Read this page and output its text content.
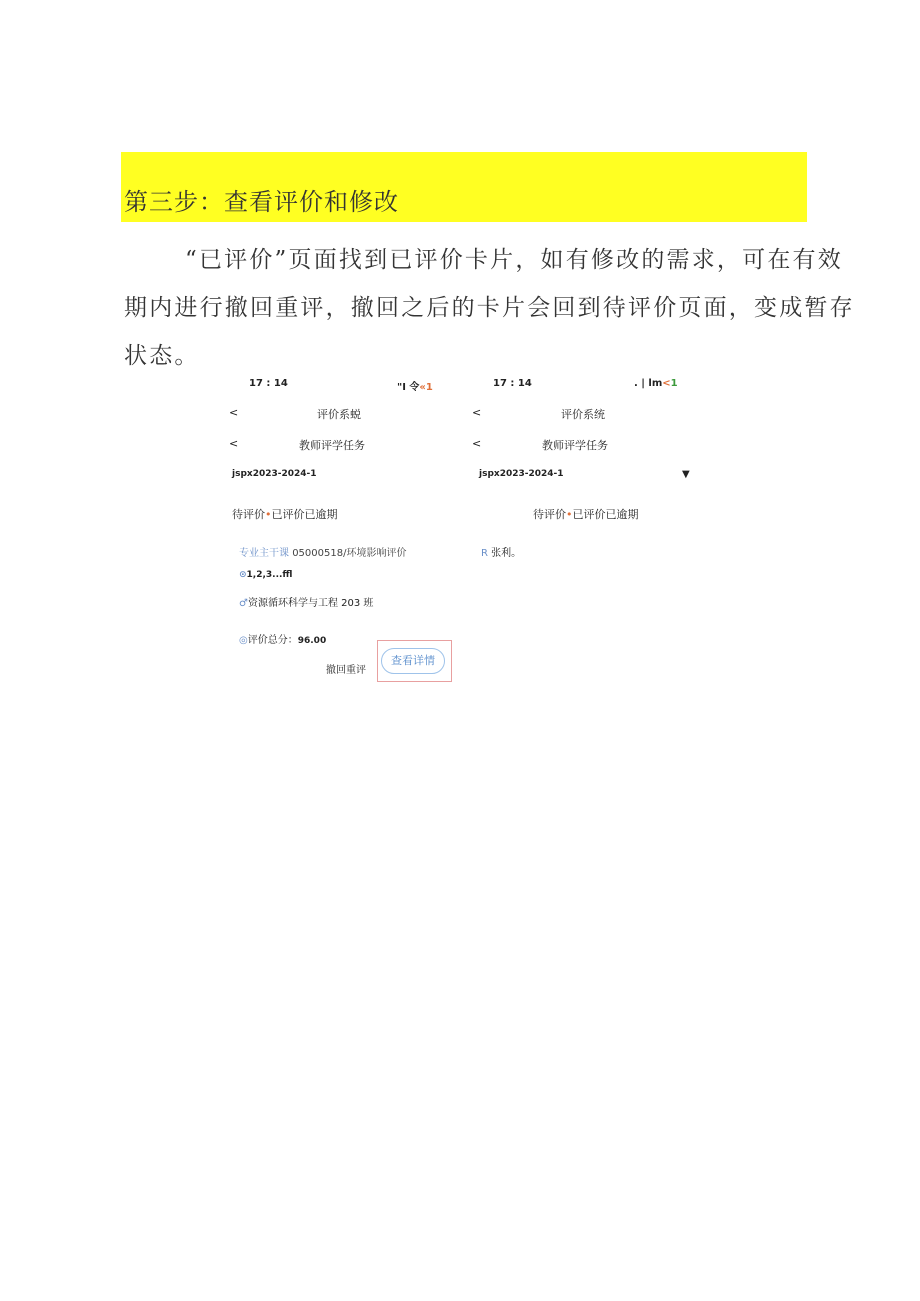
第三步：查看评价和修改
“已评价”页面找到已评价卡片，如有修改的需求，可在有效
期内进行撤回重评，撤回之后的卡片会回到待评价页面，变成暂存
状态。
17 : 14	"I 令«1
<	评价系蜕
<	教师评学任务
jspx2023-2024-1
待评价•已评价已逾期
专业主干课 05000518/环境影响评价
⊙1,2,3...ffl
♂资源循环科学与工程 203 班
◎评价总分：96.00
撤回重评
查看详情
17 : 14	. | lm<1
<	评价系统
<	教师评学任务
jspx2023-2024-1	▼
待评价•已评价已逾期
R 张利。
